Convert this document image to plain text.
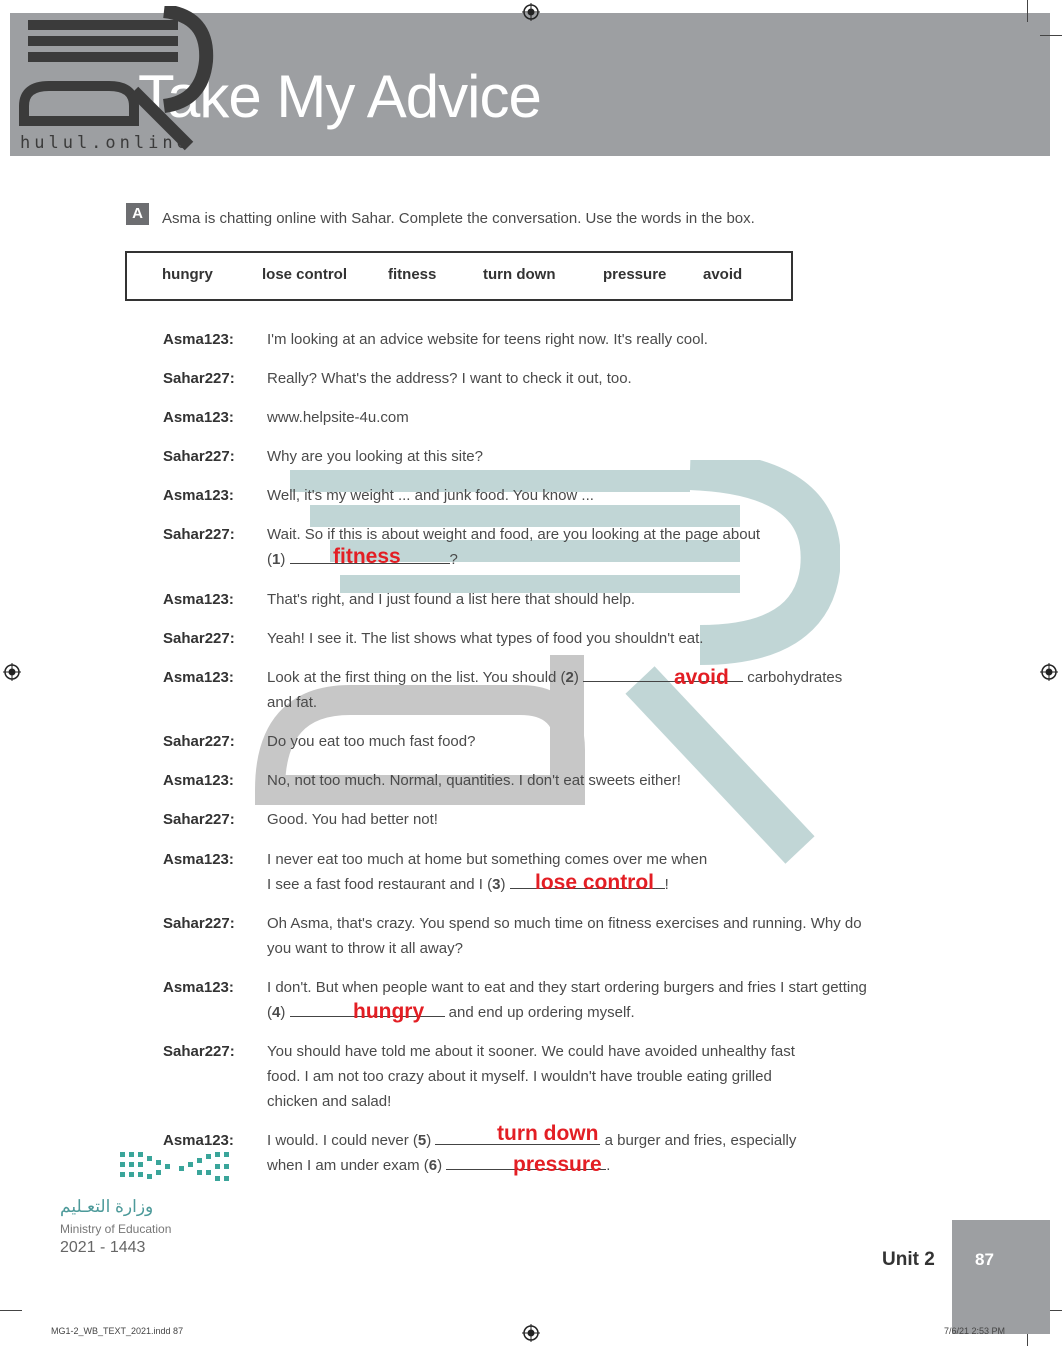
Take My Advice
hulul.online
A	Asma is chatting online with Sahar. Complete the conversation. Use the words in the box.
hungry	lose control	fitness	turn down	pressure avoid
Asma123: I'm looking at an advice website for teens right now. It's really cool.
Sahar227: Really? What's the address? I want to check it out, too.
Asma123: www.helpsite-4u.com
Sahar227: Why are you looking at this site?
Asma123: Well, it's my weight ... and junk food. You know ...
Sahar227: Wait. So if this is about weight and food, are you looking at the page about
(1)	?
fitness
Asma123: That's right, and I just found a list here that should help.
Sahar227: Yeah! I see it. The list shows what types of food you shouldn't eat.
Asma123: Look at the first thing on the list. You should (2)	carbohydrates
and fat.
avoid
Sahar227: Do you eat too much fast food?
Asma123: No, not too much. Normal, quantities. I don't eat sweets either!
Sahar227: Good. You had better not!
Asma123: I never eat too much at home but something comes over me when
I see a fast food restaurant and I (3)	!
lose control
Sahar227: Oh Asma, that's crazy. You spend so much time on fitness exercises and running. Why do
you want to throw it all away?
Asma123: I don't. But when people want to eat and they start ordering burgers and fries I start getting
(4)	and end up ordering myself.
hungry
Sahar227: You should have told me about it sooner. We could have avoided unhealthy fast
food. I am not too crazy about it myself. I wouldn't have trouble eating grilled
chicken and salad!
Asma123: I would. I could never (5)	a burger and fries, especially
when I am under exam (6)	.
turn down
pressure
وزارة التعـليم
Ministry of Education
2021 - 1443
Unit 2 87
MG1-2_WB_TEXT_2021.indd 87	7/6/21 2:53 PM
